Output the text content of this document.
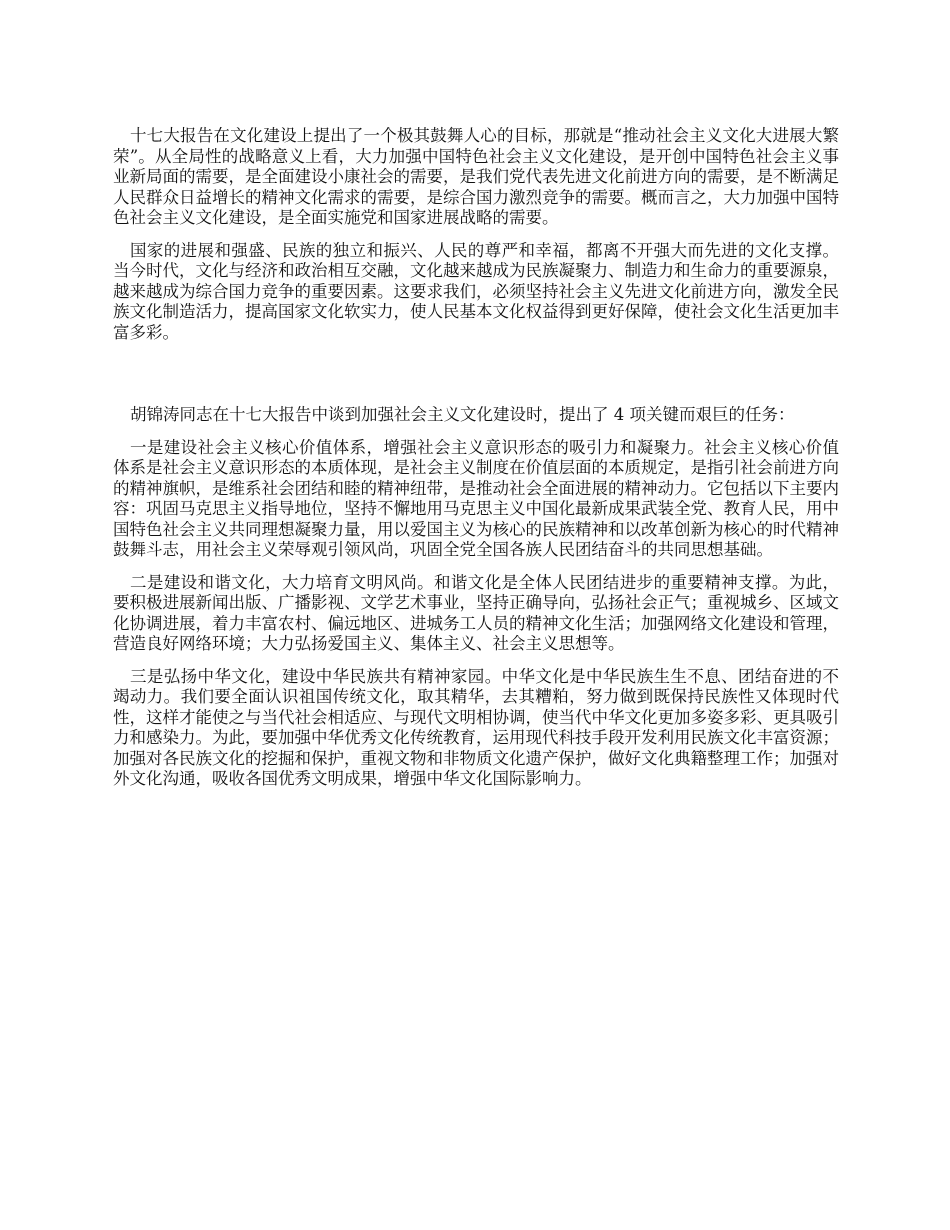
十七大报告在文化建设上提出了一个极其鼓舞人心的目标，那就是“推动社会主义文化大进展大繁荣”。从全局性的战略意义上看，大力加强中国特色社会主义文化建设，是开创中国特色社会主义事业新局面的需要，是全面建设小康社会的需要，是我们党代表先进文化前进方向的需要，是不断满足人民群众日益增长的精神文化需求的需要，是综合国力激烈竞争的需要。概而言之，大力加强中国特色社会主义文化建设，是全面实施党和国家进展战略的需要。

国家的进展和强盛、民族的独立和振兴、人民的尊严和幸福，都离不开强大而先进的文化支撑。当今时代，文化与经济和政治相互交融，文化越来越成为民族凝聚力、制造力和生命力的重要源泉，越来越成为综合国力竞争的重要因素。这要求我们，必须坚持社会主义先进文化前进方向，激发全民族文化制造活力，提高国家文化软实力，使人民基本文化权益得到更好保障，使社会文化生活更加丰富多彩。

胡锦涛同志在十七大报告中谈到加强社会主义文化建设时，提出了 4 项关键而艰巨的任务：

一是建设社会主义核心价值体系，增强社会主义意识形态的吸引力和凝聚力。社会主义核心价值体系是社会主义意识形态的本质体现，是社会主义制度在价值层面的本质规定，是指引社会前进方向的精神旗帜，是维系社会团结和睦的精神纽带，是推动社会全面进展的精神动力。它包括以下主要内容：巩固马克思主义指导地位，坚持不懈地用马克思主义中国化最新成果武装全党、教育人民，用中国特色社会主义共同理想凝聚力量，用以爱国主义为核心的民族精神和以改革创新为核心的时代精神鼓舞斗志，用社会主义荣辱观引领风尚，巩固全党全国各族人民团结奋斗的共同思想基础。

二是建设和谐文化，大力培育文明风尚。和谐文化是全体人民团结进步的重要精神支撑。为此，要积极进展新闻出版、广播影视、文学艺术事业，坚持正确导向，弘扬社会正气；重视城乡、区域文化协调进展，着力丰富农村、偏远地区、进城务工人员的精神文化生活；加强网络文化建设和管理，营造良好网络环境；大力弘扬爱国主义、集体主义、社会主义思想等。

三是弘扬中华文化，建设中华民族共有精神家园。中华文化是中华民族生生不息、团结奋进的不竭动力。我们要全面认识祖国传统文化，取其精华，去其糟粕，努力做到既保持民族性又体现时代性，这样才能使之与当代社会相适应、与现代文明相协调，使当代中华文化更加多姿多彩、更具吸引力和感染力。为此，要加强中华优秀文化传统教育，运用现代科技手段开发利用民族文化丰富资源；加强对各民族文化的挖掘和保护，重视文物和非物质文化遗产保护，做好文化典籍整理工作；加强对外文化沟通，吸收各国优秀文明成果，增强中华文化国际影响力。
